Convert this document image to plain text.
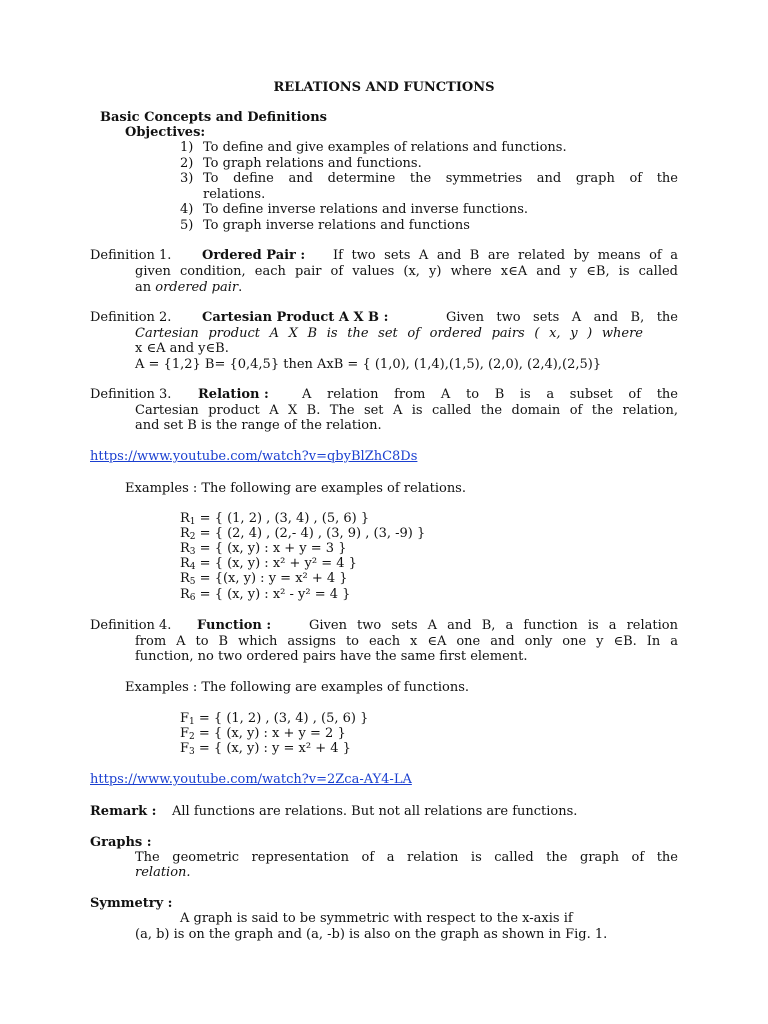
RELATIONS AND FUNCTIONS
Basic Concepts and Definitions
Objectives:
1) To define and give examples of relations and functions.
2) To graph relations and functions.
3) To define and determine the symmetries and graph of the
relations.
4) To define inverse relations and inverse functions.
5) To graph inverse relations and functions
Definition 1. Ordered Pair : If two sets A and B are related by means of a
given condition, each pair of values (x, y) where x∈A and y ∈B, is called
an ordered pair.
Definition 2. Cartesian Product A X B :	Given two sets A and B, the
Cartesian product A X B is the set of ordered pairs ( x, y ) where
x ∈A and y∈B.
A = {1,2} B= {0,4,5} then AxB = { (1,0), (1,4),(1,5), (2,0), (2,4),(2,5)}
Definition 3. Relation :	A relation from A to B is a subset of the
Cartesian product A X B. The set A is called the domain of the relation,
and set B is the range of the relation.
https://www.youtube.com/watch?v=qbyBlZhC8Ds
Examples : The following are examples of relations.
$R_1$ = { (1, 2) , (3, 4) , (5, 6) }
$R_2$ = { (2, 4) , (2,- 4) , (3, 9) , (3, -9) }
$R_3$ = { (x, y) : x + y = 3 }
$R_4$ = { (x, y) : x² + y² = 4 }
$R_5 = \{(x$, y) : y = x² + 4 }
$R_6$ = { (x, y) : x² - y² = 4 }
Definition 4. Function :	Given two sets A and B, a function is a relation
from A to B which assigns to each x ∈A one and only one y ∈B. In a
function, no two ordered pairs have the same first element.
Examples : The following are examples of functions.
$F_1$ = { (1, 2) , (3, 4) , (5, 6) }
$F_2$ = { (x, y) : x + y = 2 }
$F_3$ = { (x, y) : y = x² + 4 }
https://www.youtube.com/watch?v=2Zca-AY4-LA
Remark : All functions are relations. But not all relations are functions.
Graphs :
The geometric representation of a relation is called the graph of the
relation.
Symmetry :
A graph is said to be symmetric with respect to the x-axis if
(a, b) is on the graph and (a, -b) is also on the graph as shown in Fig. 1.
